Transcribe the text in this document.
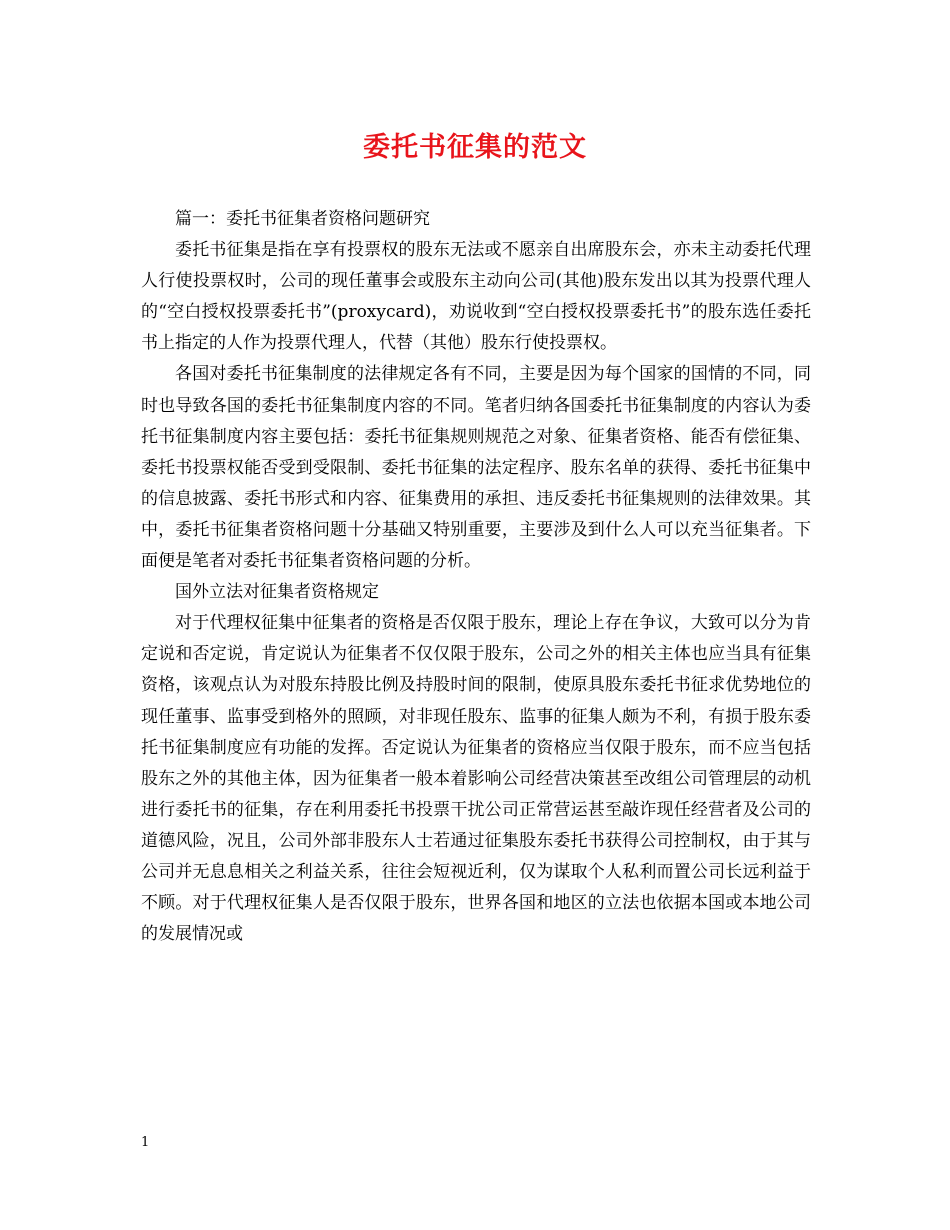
委托书征集的范文

篇一：委托书征集者资格问题研究

委托书征集是指在享有投票权的股东无法或不愿亲自出席股东会，亦未主动委托代理人行使投票权时，公司的现任董事会或股东主动向公司(其他)股东发出以其为投票代理人的“空白授权投票委托书”(proxycard)，劝说收到“空白授权投票委托书”的股东选任委托书上指定的人作为投票代理人，代替（其他）股东行使投票权。

各国对委托书征集制度的法律规定各有不同，主要是因为每个国家的国情的不同，同时也导致各国的委托书征集制度内容的不同。笔者归纳各国委托书征集制度的内容认为委托书征集制度内容主要包括：委托书征集规则规范之对象、征集者资格、能否有偿征集、委托书投票权能否受到受限制、委托书征集的法定程序、股东名单的获得、委托书征集中的信息披露、委托书形式和内容、征集费用的承担、违反委托书征集规则的法律效果。其中，委托书征集者资格问题十分基础又特别重要，主要涉及到什么人可以充当征集者。下面便是笔者对委托书征集者资格问题的分析。

国外立法对征集者资格规定

对于代理权征集中征集者的资格是否仅限于股东，理论上存在争议，大致可以分为肯定说和否定说，肯定说认为征集者不仅仅限于股东，公司之外的相关主体也应当具有征集资格，该观点认为对股东持股比例及持股时间的限制，使原具股东委托书征求优势地位的现任董事、监事受到格外的照顾，对非现任股东、监事的征集人颇为不利，有损于股东委托书征集制度应有功能的发挥。否定说认为征集者的资格应当仅限于股东，而不应当包括股东之外的其他主体，因为征集者一般本着影响公司经营决策甚至改组公司管理层的动机进行委托书的征集，存在利用委托书投票干扰公司正常营运甚至敲诈现任经营者及公司的道德风险，况且，公司外部非股东人士若通过征集股东委托书获得公司控制权，由于其与公司并无息息相关之利益关系，往往会短视近利，仅为谋取个人私利而置公司长远利益于不顾。对于代理权征集人是否仅限于股东，世界各国和地区的立法也依据本国或本地公司的发展情况或

1
